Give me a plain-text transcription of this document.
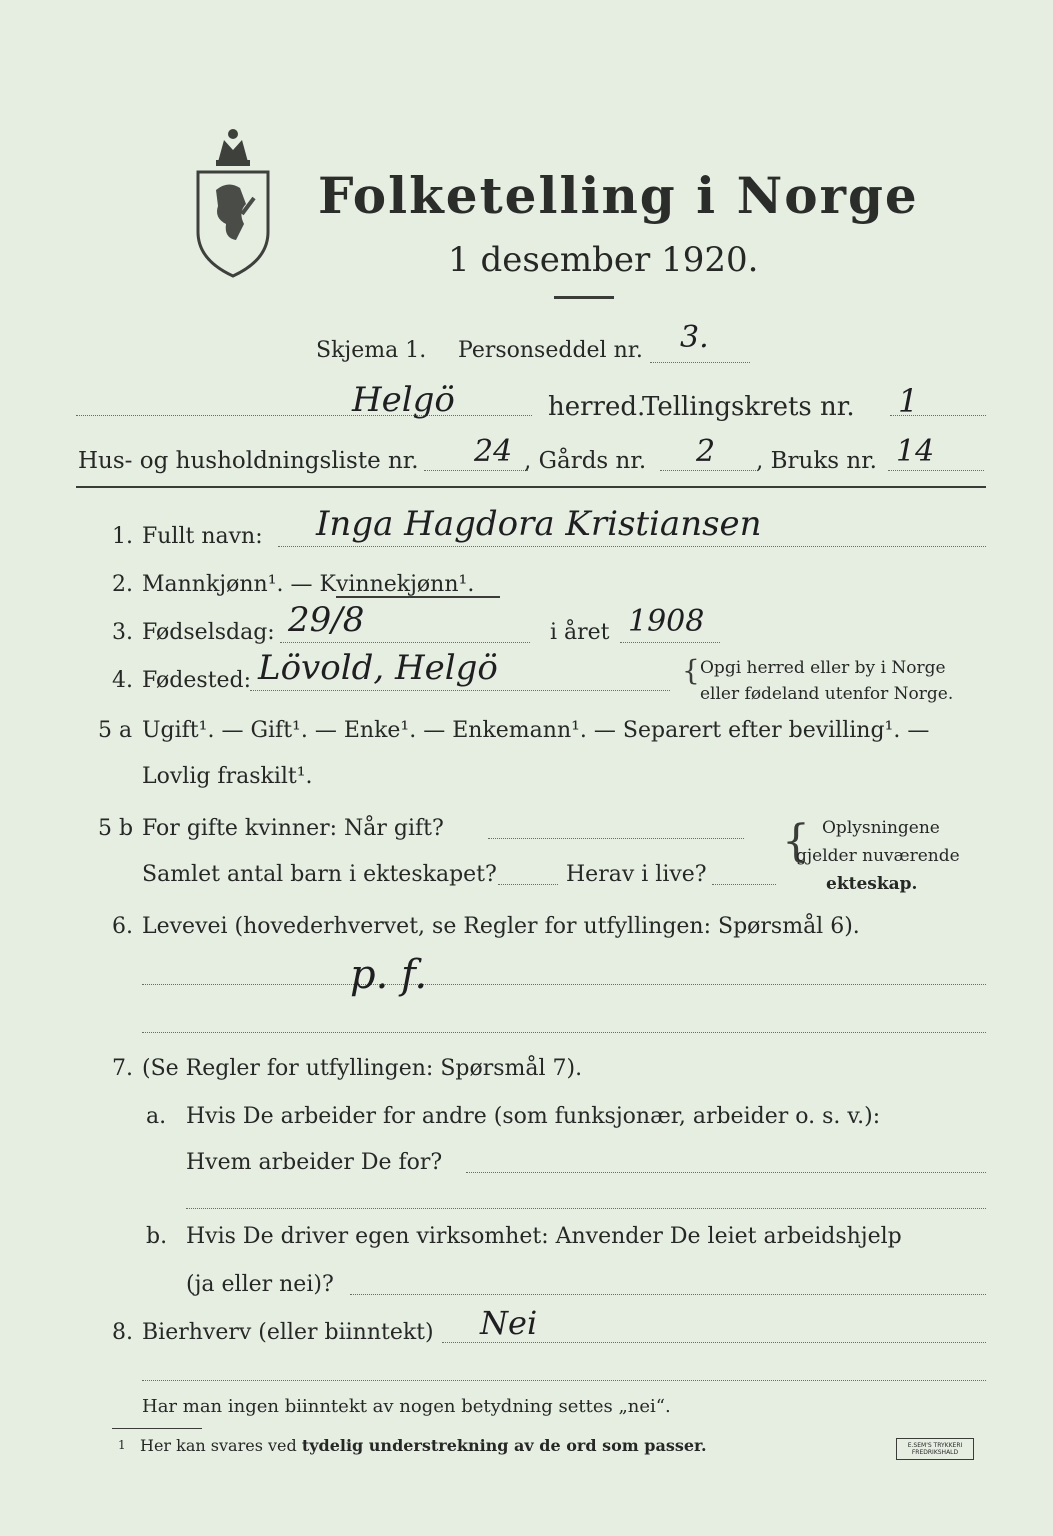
Folketelling i Norge
1 desember 1920.
Skjema 1. Personseddel nr. 3.
Helgö	herred.
Tellingskrets nr. 1
Hus- og husholdningsliste nr. 24 , Gårds nr. 2 , Bruks nr. 14
1. Fullt navn: Inga Hagdora Kristiansen
2. Mannkjønn¹. — Kvinnekjønn¹.
3. Fødselsdag: 29/8	i året 1908
4. Fødested: Lövold, Helgö	{ Opgi herred eller by i Norge
eller fødeland utenfor Norge.
5 a Ugift¹. — Gift¹. — Enke¹. — Enkemann¹. — Separert efter bevilling¹. —
Lovlig fraskilt¹.
5 b For gifte kvinner: Når gift?
Samlet antal barn i ekteskapet?	Herav i live?
{ Oplysningene
gjelder nuværende
ekteskap.
6. Levevei (hovederhvervet, se Regler for utfyllingen: Spørsmål 6).
p. f.
7. (Se Regler for utfyllingen: Spørsmål 7).
a. Hvis De arbeider for andre (som funksjonær, arbeider o. s. v.):
Hvem arbeider De for?
b. Hvis De driver egen virksomhet: Anvender De leiet arbeidshjelp
(ja eller nei)?
8. Bierhverv (eller biinntekt) Nei
Har man ingen biinntekt av nogen betydning settes „nei“.
1 Her kan svares ved tydelig understrekning av de ord som passer.	E.SEM'S TRYKKERI FREDRIKSHALD
